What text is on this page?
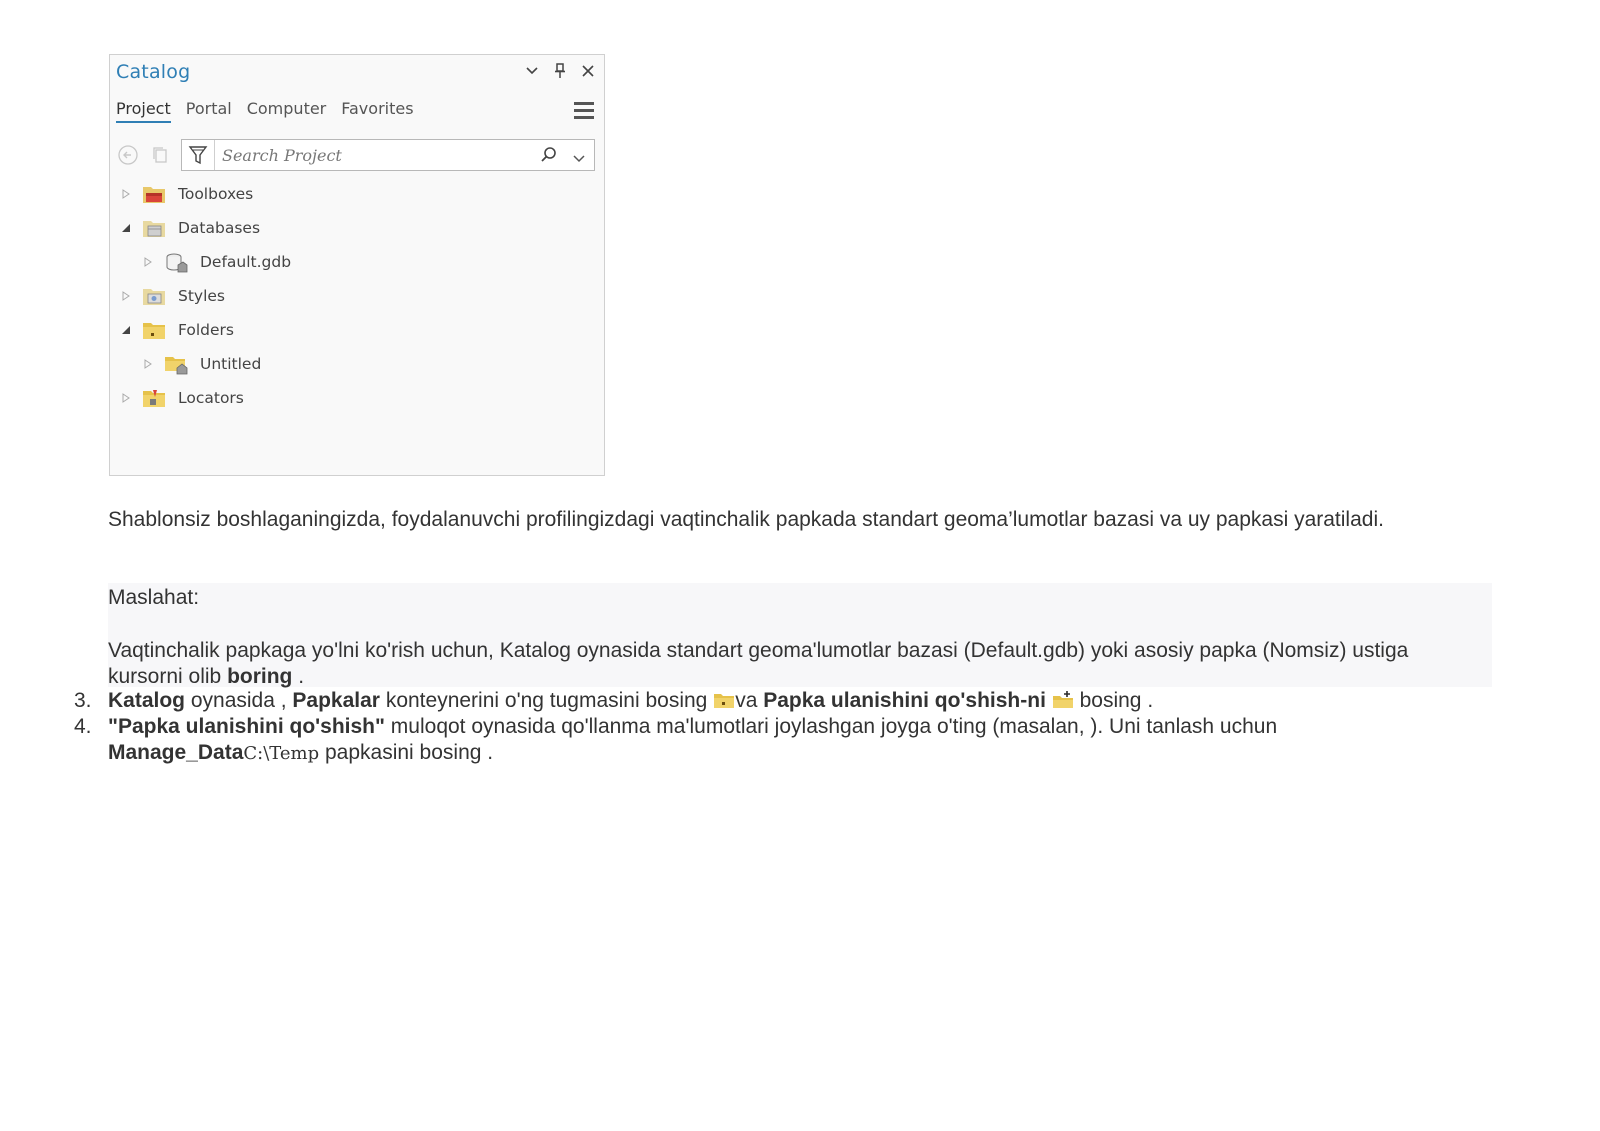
Catalog
Project Portal Computer Favorites
Search Project
Toolboxes
Databases
Default.gdb
Styles
Folders
Untitled
Locators
Shablonsiz boshlaganingizda, foydalanuvchi profilingizdagi vaqtinchalik papkada standart geoma’lumotlar bazasi va uy papkasi yaratiladi.
Maslahat:
Vaqtinchalik papkaga yo'lni ko'rish uchun, Katalog oynasida standart geoma'lumotlar bazasi (Default.gdb) yoki asosiy papka (Nomsiz) ustiga kursorni olib boring .
3. Katalog oynasida , Papkalar konteynerini o'ng tugmasini bosing va Papka ulanishini qo'shish-ni  bosing .
4. "Papka ulanishini qo'shish" muloqot oynasida qo'llanma ma'lumotlari joylashgan joyga o'ting (masalan, ). Uni tanlash uchun Manage_DataC:\Temp papkasini bosing .
